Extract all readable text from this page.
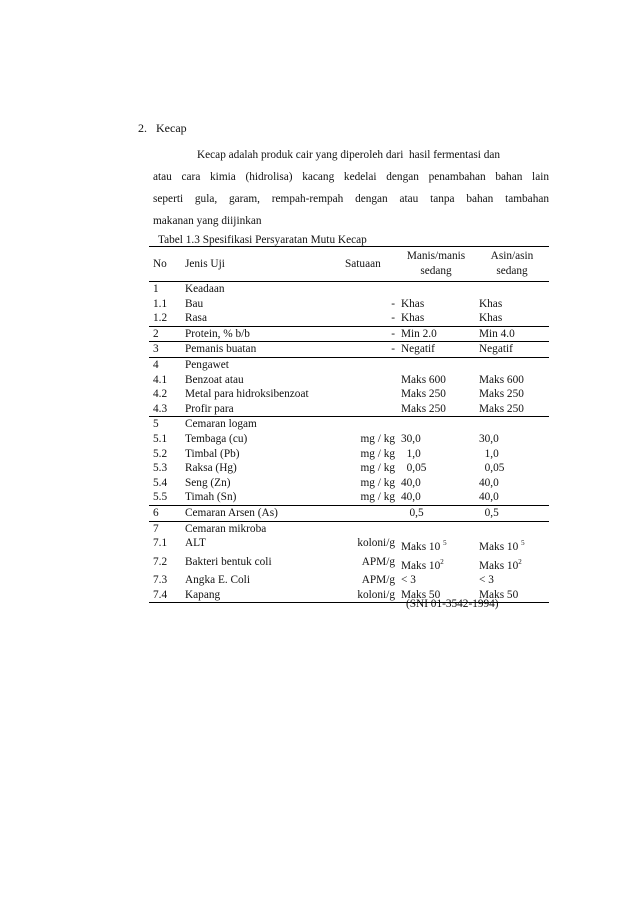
2. Kecap
Kecap adalah produk cair yang diperoleh dari  hasil fermentasi dan
atau cara kimia (hidrolisa) kacang kedelai dengan penambahan bahan lain
seperti gula, garam, rempah-rempah dengan atau tanpa bahan tambahan
makanan yang diijinkan
Tabel 1.3 Spesifikasi Persyaratan Mutu Kecap
No	Jenis Uji	Satuaan	Manis/manis sedang	Asin/asin sedang
1	Keadaan			
1.1	Bau	-	Khas	Khas
1.2	Rasa	-	Khas	Khas
2	Protein, % b/b	-	Min 2.0	Min 4.0
3	Pemanis buatan	-	Negatif	Negatif
4	Pengawet			
4.1	Benzoat atau		Maks 600	Maks 600
4.2	Metal para hidroksibenzoat		Maks 250	Maks 250
4.3	Profir para		Maks 250	Maks 250
5	Cemaran logam			
5.1	Tembaga (cu)	mg / kg	30,0	30,0
5.2	Timbal (Pb)	mg / kg	1,0	1,0
5.3	Raksa (Hg)	mg / kg	0,05	0,05
5.4	Seng (Zn)	mg / kg	40,0	40,0
5.5	Timah (Sn)	mg / kg	40,0	40,0
6	Cemaran Arsen (As)		0,5	0,5
7	Cemaran mikroba			
7.1	ALT	koloni/g	Maks 10 $^5$	Maks 10 $^5$
7.2	Bakteri bentuk coli	APM/g	Maks $10^2$	Maks $10^2$
7.3	Angka E. Coli	APM/g	< 3	< 3
7.4	Kapang	koloni/g	Maks 50	Maks 50
(SNI 01-3542-1994)
